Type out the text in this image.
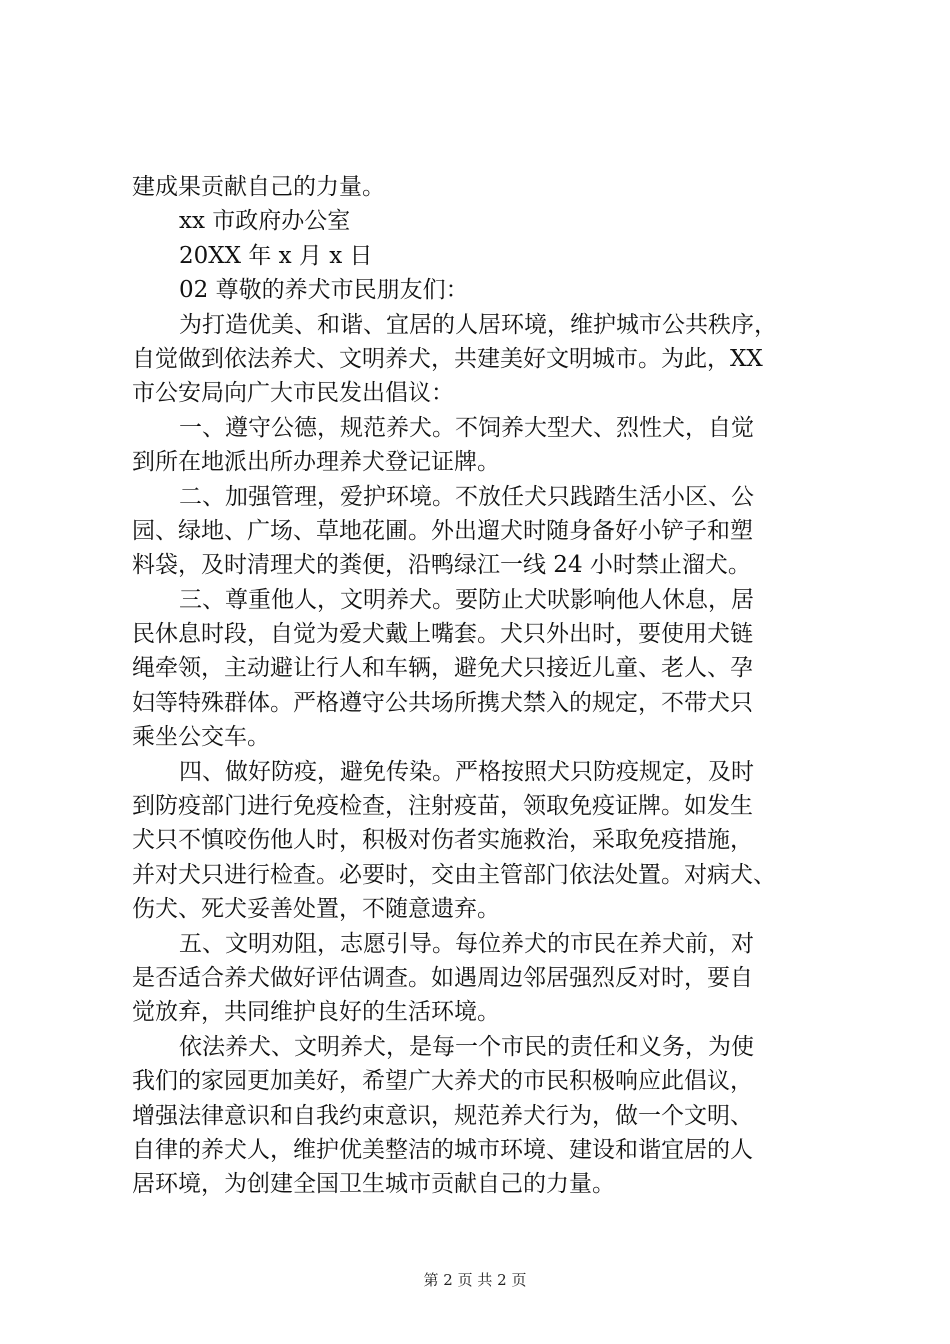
建成果贡献自己的力量。
xx 市政府办公室
20XX 年 x 月 x 日
02 尊敬的养犬市民朋友们：
为打造优美、和谐、宜居的人居环境，维护城市公共秩序，
自觉做到依法养犬、文明养犬，共建美好文明城市。为此，XX
市公安局向广大市民发出倡议：
一、遵守公德，规范养犬。不饲养大型犬、烈性犬，自觉
到所在地派出所办理养犬登记证牌。
二、加强管理，爱护环境。不放任犬只践踏生活小区、公
园、绿地、广场、草地花圃。外出遛犬时随身备好小铲子和塑
料袋，及时清理犬的粪便，沿鸭绿江一线 24 小时禁止溜犬。
三、尊重他人，文明养犬。要防止犬吠影响他人休息，居
民休息时段，自觉为爱犬戴上嘴套。犬只外出时，要使用犬链
绳牵领，主动避让行人和车辆，避免犬只接近儿童、老人、孕
妇等特殊群体。严格遵守公共场所携犬禁入的规定，不带犬只
乘坐公交车。
四、做好防疫，避免传染。严格按照犬只防疫规定，及时
到防疫部门进行免疫检查，注射疫苗，领取免疫证牌。如发生
犬只不慎咬伤他人时，积极对伤者实施救治，采取免疫措施，
并对犬只进行检查。必要时，交由主管部门依法处置。对病犬、
伤犬、死犬妥善处置，不随意遗弃。
五、文明劝阻，志愿引导。每位养犬的市民在养犬前，对
是否适合养犬做好评估调查。如遇周边邻居强烈反对时，要自
觉放弃，共同维护良好的生活环境。
依法养犬、文明养犬，是每一个市民的责任和义务，为使
我们的家园更加美好，希望广大养犬的市民积极响应此倡议，
增强法律意识和自我约束意识，规范养犬行为，做一个文明、
自律的养犬人，维护优美整洁的城市环境、建设和谐宜居的人
居环境，为创建全国卫生城市贡献自己的力量。
第 2 页 共 2 页
